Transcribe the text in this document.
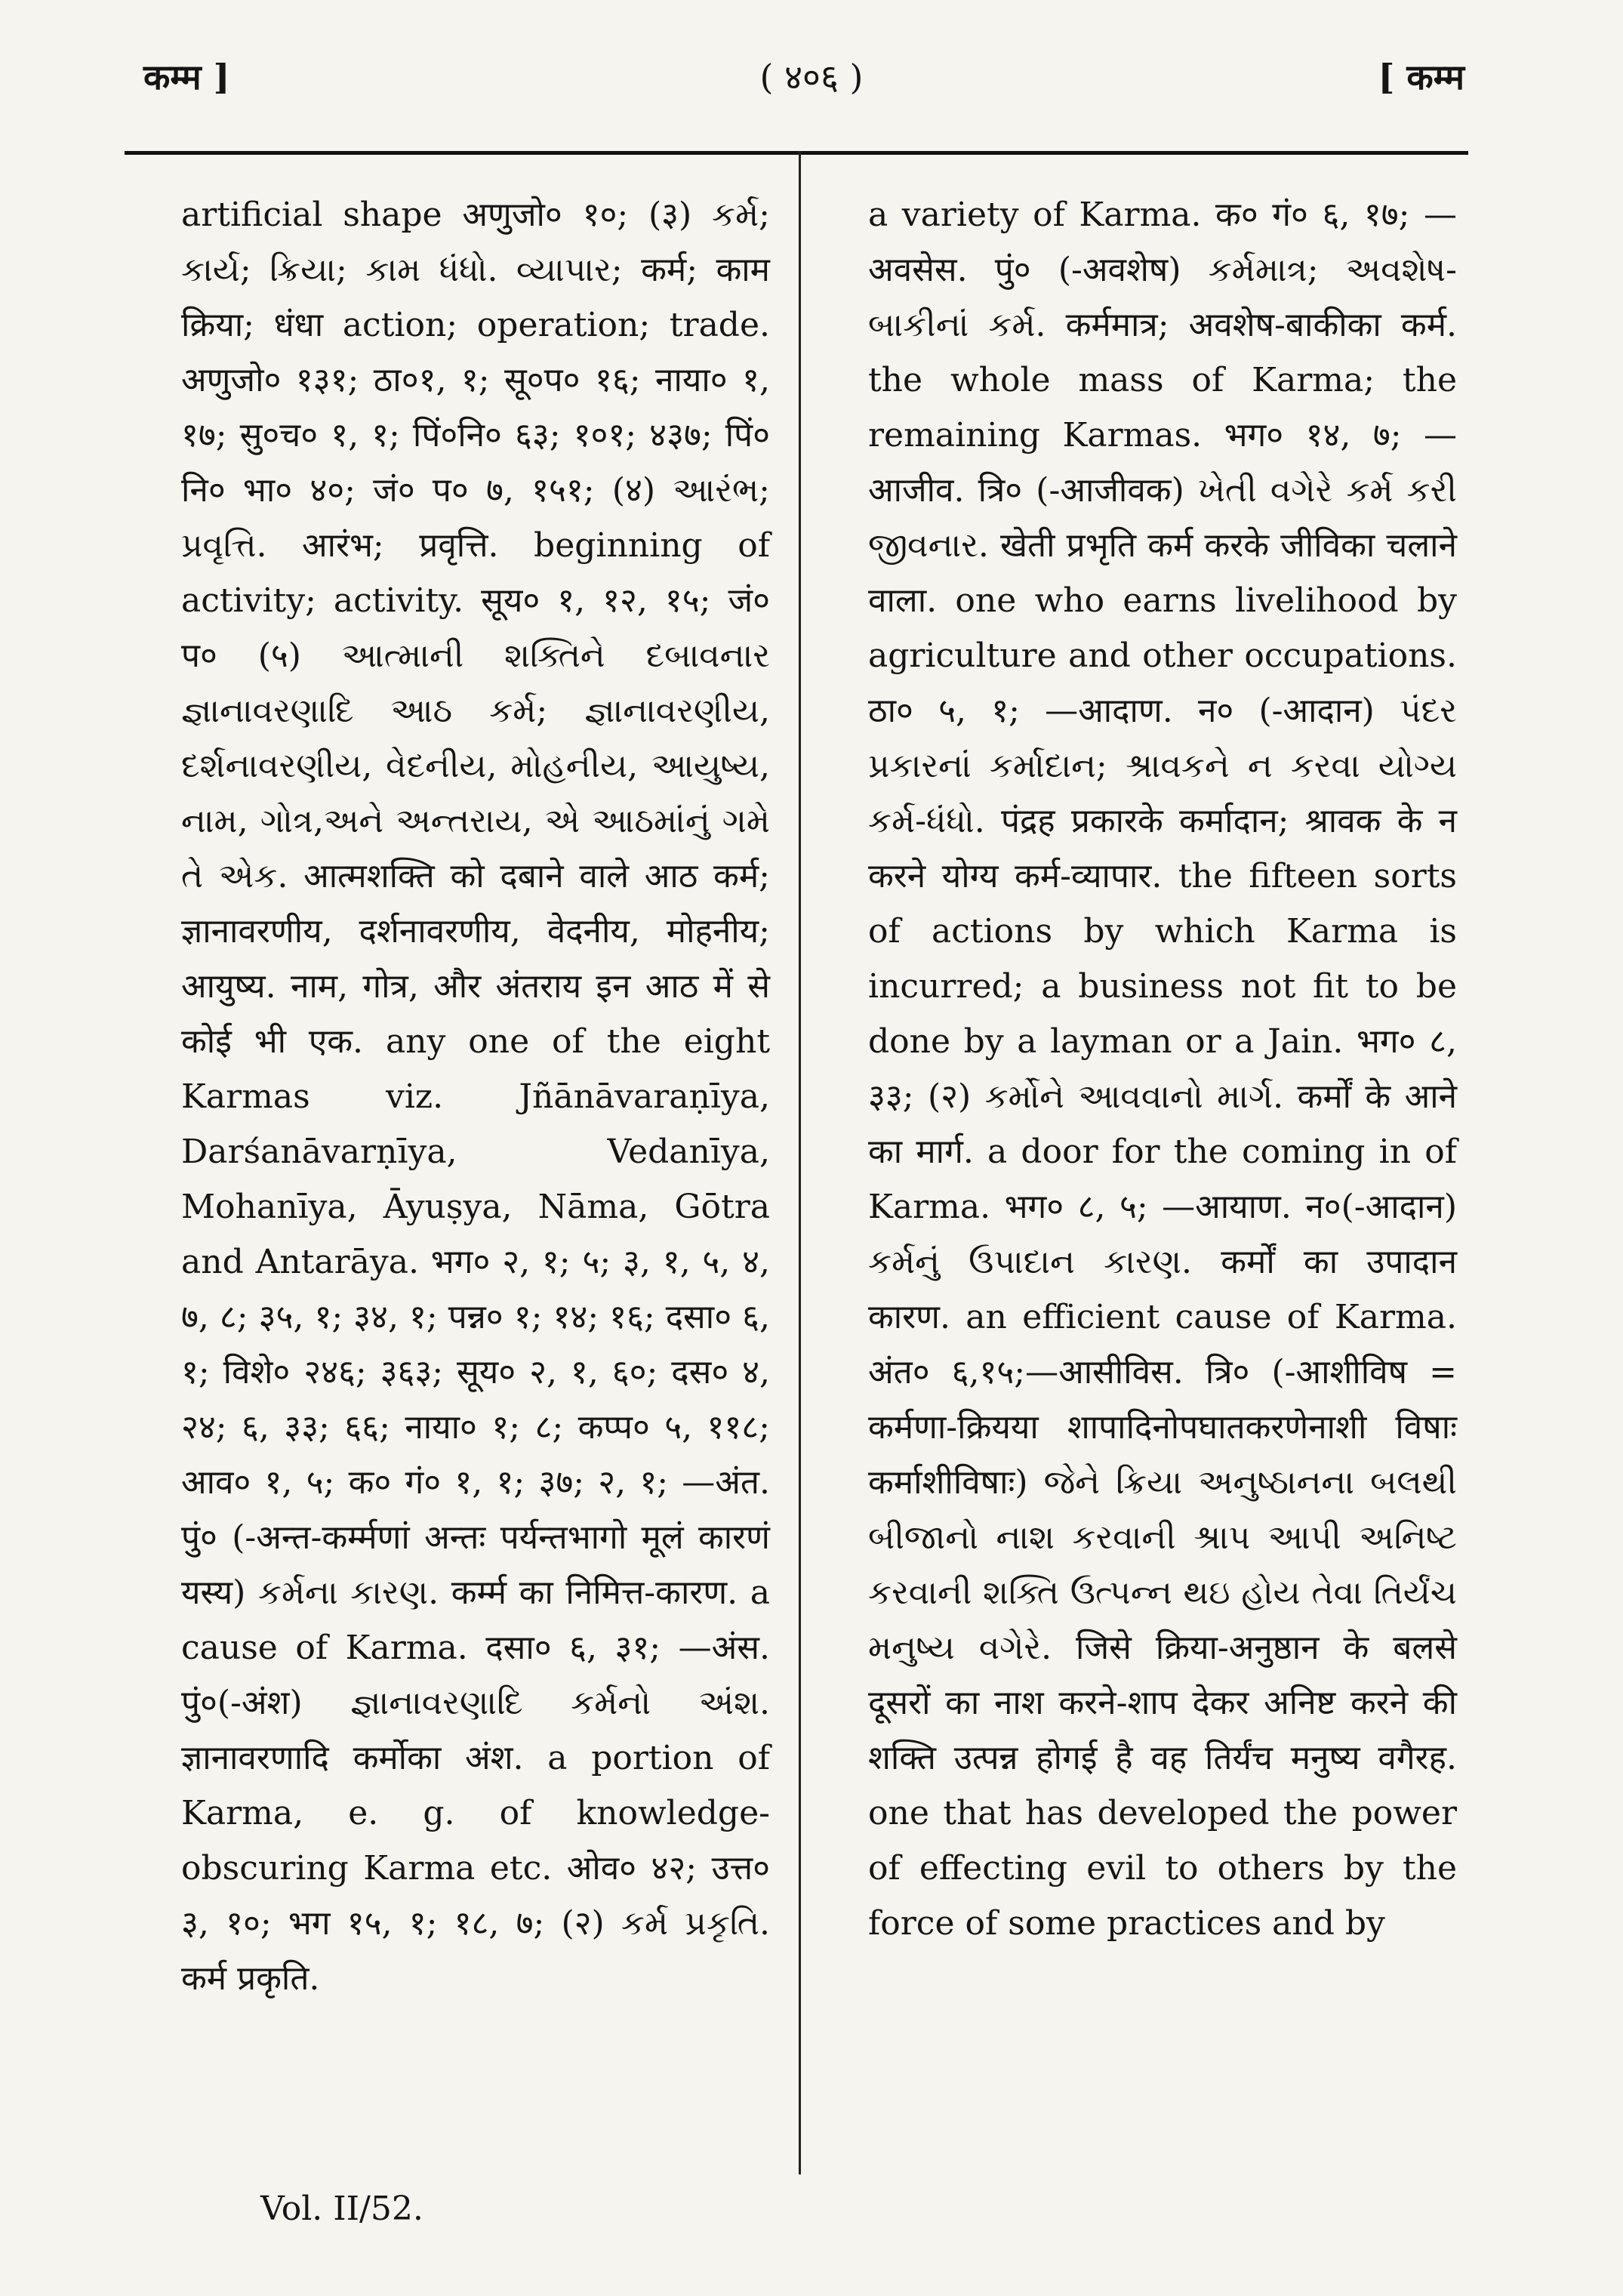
कम्म ]	( ४०६ )	[ कम्म

artificial shape अणुजो० १०; (३) કર્મ; કાર્ય; ક્રિયા; કામ ધંધો. વ્યાપાર; कर्म; काम क्रिया; धंधा action; operation; trade. अणुजो० १३१; ठा०१, १; सू०प० १६; नाया० १, १७; सु०च० १, १; पिं०नि० ६३; १०१; ४३७; पिं० नि० भा० ४०; जं० प० ७, १५१; (४) આરંભ; પ્રવૃત્તિ. आरंभ; प्रवृत्ति. beginning of activity; activity. सूय० १, १२, १५; जं० प० (५) આત્માની શક્તિને દબાવનાર જ્ઞાનાવરણાદિ આઠ કર્મ; જ્ઞાનાવરણીય, દર્શનાવરણીય, વેદનીય, મોહનીય, આયુષ્ય, નામ, ગોત્ર,અને અન્તરાય, એ આઠમાંનું ગમે તે એક. आत्मशक्ति को दबाने वाले आठ कर्म; ज्ञानावरणीय, दर्शनावरणीय, वेदनीय, मोहनीय; आयुष्य. नाम, गोत्र, और अंतराय इन आठ में से कोई भी एक. any one of the eight Karmas viz. Jñānāvaraṇīya, Darśanāvarṇīya, Vedanīya, Mohanīya, Āyuṣya, Nāma, Gōtra and Antarāya. भग० २, १; ५; ३, १, ५, ४, ७, ८; ३५, १; ३४, १; पन्न० १; १४; १६; दसा० ६, १; विशे० २४६; ३६३; सूय० २, १, ६०; दस० ४, २४; ६, ३३; ६६; नाया० १; ८; कप्प० ५, ११८; आव० १, ५; क० गं० १, १; ३७; २, १; —अंत. पुं० (-अन्त-कर्म्मणां अन्तः पर्यन्तभागो मूलं कारणं यस्य) કર્મના કારણ. कर्म्म का निमित्त-कारण. a cause of Karma. दसा० ६, ३१; —अंस. पुं०(-अंश) જ્ઞાનાવરણાદિ કર્મનો અંશ. ज्ञानावरणादि कर्मोका अंश. a portion of Karma, e. g. of knowledge-obscuring Karma etc. ओव० ४२; उत्त० ३, १०; भग १५, १; १८, ७; (२) કર્મ પ્રકૃતિ. कर्म प्रकृति.

a variety of Karma. क० गं० ६, १७; —अवसेस. पुं० (-अवशेष) કર્મમાત્ર; અવશેષ-બાકીનાં કર્મ. कर्ममात्र; अवशेष-बाकीका कर्म. the whole mass of Karma; the remaining Karmas. भग० १४, ७; —आजीव. त्रि० (-आजीवक) ખેતી વગેરે કર્મ કરી જીવનાર. खेती प्रभृति कर्म करके जीविका चलाने वाला. one who earns livelihood by agriculture and other occupations. ठा० ५, १; —आदाण. न० (-आदान) પંદર પ્રકારનાં કર્માદાન; શ્રાવકને ન કરવા યોગ્ય કર્મ-ધંધો. पंद्रह प्रकारके कर्मादान; श्रावक के न करने योग्य कर्म-व्यापार. the fifteen sorts of actions by which Karma is incurred; a business not fit to be done by a layman or a Jain. भग० ८, ३३; (२) કર્મોને આવવાનો માર્ગ. कर्मों के आने का मार्ग. a door for the coming in of Karma. भग० ८, ५; —आयाण. न०(-आदान) કર્મનું ઉપાદાન કારણ. कर्मों का उपादान कारण. an efficient cause of Karma. अंत० ६,१५;—आसीविस. त्रि० (-आशीविष = कर्मणा-क्रियया शापादिनोपघातकरणेनाशी विषाः कर्माशीविषाः) જેને ક્રિયા અનુષ્ઠાનના બલથી બીજાનો નાશ કરવાની શ્રાપ આપી અનિષ્ટ કરવાની શક્તિ ઉત્પન્ન થઇ હોય તેવા તિર્યંચ મનુષ્ય વગેરે. जिसे क्रिया-अनुष्ठान के बलसे दूसरों का नाश करने-शाप देकर अनिष्ट करने की शक्ति उत्पन्न होगई है वह तिर्यंच मनुष्य वगैरह. one that has developed the power of effecting evil to others by the force of some practices and by

Vol. II/52.
